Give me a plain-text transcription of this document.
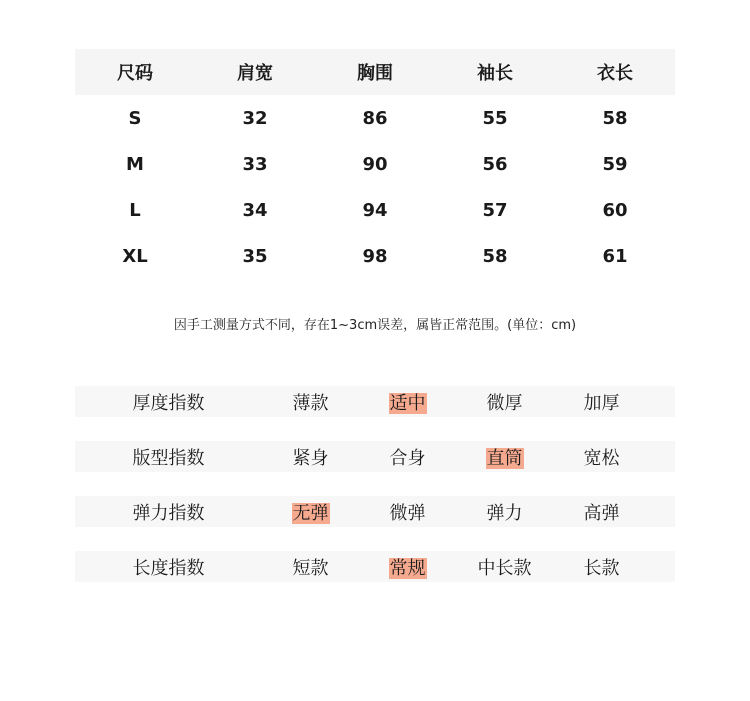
尺码	肩宽	胸围	袖长	衣长
S	32	86	55	58
M	33	90	56	59
L	34	94	57	60
XL	35	98	58	61
因手工测量方式不同，存在1~3cm误差，属皆正常范围。(单位：cm)
厚度指数	薄款	适中	微厚	加厚
版型指数	紧身	合身	直筒	宽松
弹力指数	无弹	微弹	弹力	高弹
长度指数	短款	常规	中长款	长款
